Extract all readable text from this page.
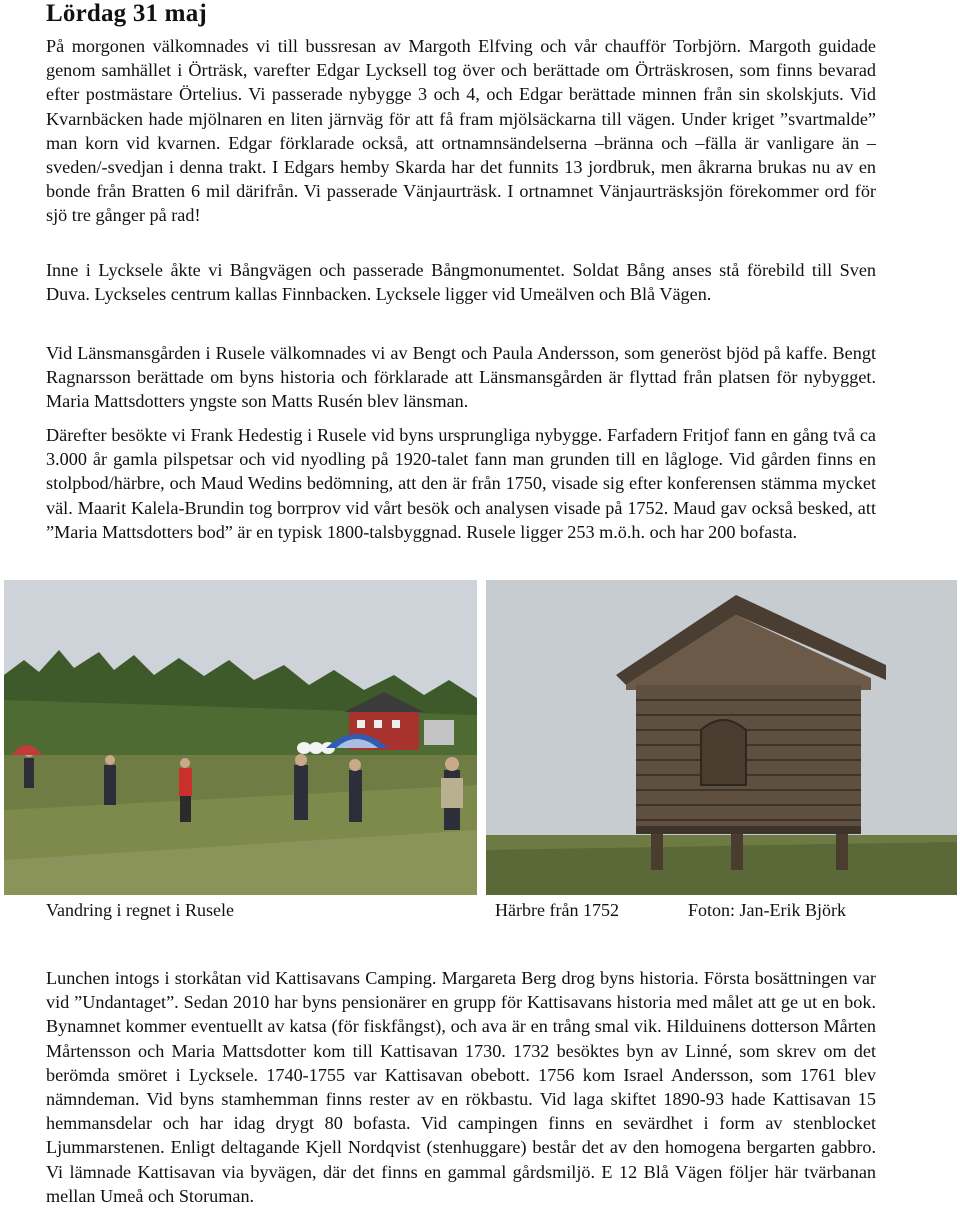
Lördag 31 maj

På morgonen välkomnades vi till bussresan av Margoth Elfving och vår chaufför Torbjörn. Margoth guidade genom samhället i Örträsk, varefter Edgar Lycksell tog över och berättade om Örträskrosen, som finns bevarad efter postmästare Örtelius. Vi passerade nybygge 3 och 4, och Edgar berättade minnen från sin skolskjuts. Vid Kvarnbäcken hade mjölnaren en liten järnväg för att få fram mjölsäckarna till vägen. Under kriget ”svartmalde” man korn vid kvarnen. Edgar förklarade också, att ortnamnsändelserna –bränna och –fälla är vanligare än –sveden/-svedjan i denna trakt. I Edgars hemby Skarda har det funnits 13 jordbruk, men åkrarna brukas nu av en bonde från Bratten 6 mil därifrån. Vi passerade Vänjaurträsk. I ortnamnet Vänjaurträsksjön förekommer ord för sjö tre gånger på rad!

Inne i Lycksele åkte vi Bångvägen och passerade Bångmonumentet. Soldat Bång anses stå förebild till Sven Duva. Lyckseles centrum kallas Finnbacken. Lycksele ligger vid Umeälven och Blå Vägen.

Vid Länsmansgården i Rusele välkomnades vi av Bengt och Paula Andersson, som generöst bjöd på kaffe. Bengt Ragnarsson berättade om byns historia och förklarade att Länsmansgården är flyttad från platsen för nybygget. Maria Mattsdotters yngste son Matts Rusén blev länsman.

Därefter besökte vi Frank Hedestig i Rusele vid byns ursprungliga nybygge. Farfadern Fritjof fann en gång två ca 3.000 år gamla pilspetsar och vid nyodling på 1920-talet fann man grunden till en lågloge. Vid gården finns en stolpbod/härbre, och Maud Wedins bedömning, att den är från 1750, visade sig efter konferensen stämma mycket väl. Maarit Kalela-Brundin tog borrprov vid vårt besök och analysen visade på 1752. Maud gav också besked, att ”Maria Mattsdotters bod” är en typisk 1800-talsbyggnad. Rusele ligger 253 m.ö.h. och har 200 bofasta.

Vandring i regnet i Rusele	Härbre från 1752	Foton: Jan-Erik Björk

Lunchen intogs i storkåtan vid Kattisavans Camping. Margareta Berg drog byns historia. Första bosättningen var vid ”Undantaget”. Sedan 2010 har byns pensionärer en grupp för Kattisavans historia med målet att ge ut en bok. Bynamnet kommer eventuellt av katsa (för fiskfångst), och ava är en trång smal vik. Hilduinens dotterson Mårten Mårtensson och Maria Mattsdotter kom till Kattisavan 1730. 1732 besöktes byn av Linné, som skrev om det berömda smöret i Lycksele. 1740-1755 var Kattisavan obebott. 1756 kom Israel Andersson, som 1761 blev nämndeman. Vid byns stamhemman finns rester av en rökbastu. Vid laga skiftet 1890-93 hade Kattisavan 15 hemmansdelar och har idag drygt 80 bofasta. Vid campingen finns en sevärdhet i form av stenblocket Ljummarstenen. Enligt deltagande Kjell Nordqvist (stenhuggare) består det av den homogena bergarten gabbro. Vi lämnade Kattisavan via byvägen, där det finns en gammal gårdsmiljö. E 12 Blå Vägen följer här tvärbanan mellan Umeå och Storuman.
